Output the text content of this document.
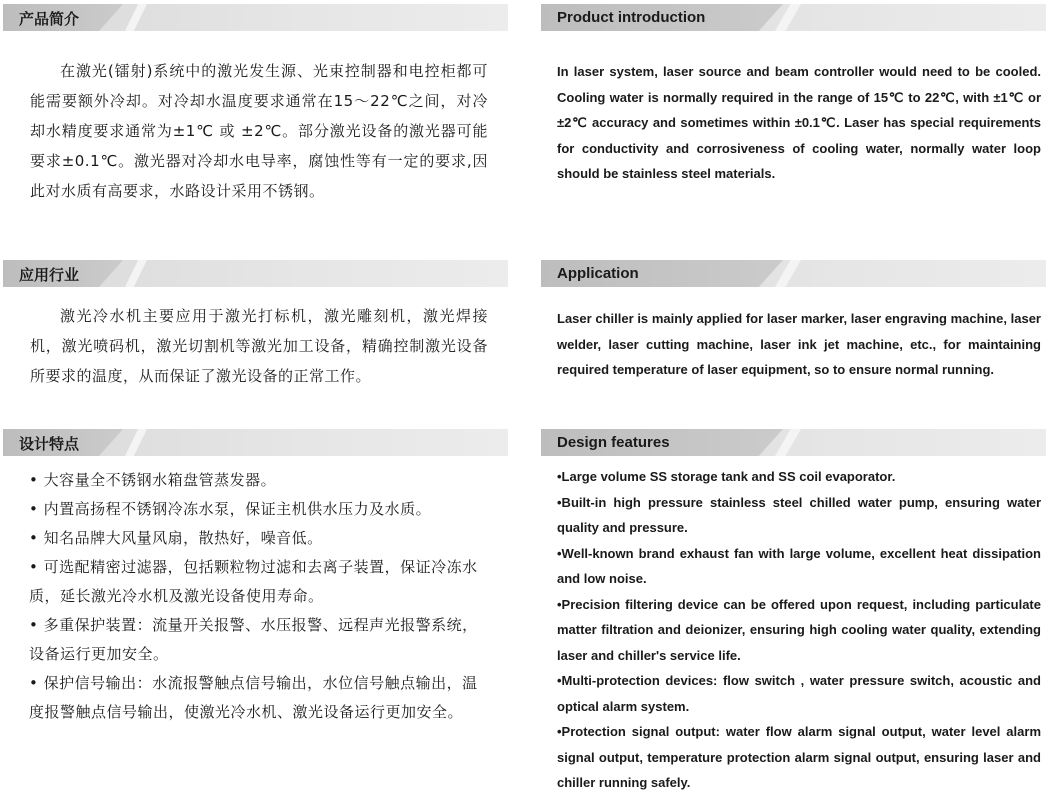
产品简介

在激光(镭射)系统中的激光发生源、光束控制器和电控柜都可能需要额外冷却。对冷却水温度要求通常在15～22℃之间，对冷却水精度要求通常为±1℃ 或 ±2℃。部分激光设备的激光器可能要求±0.1℃。激光器对冷却水电导率，腐蚀性等有一定的要求,因此对水质有高要求，水路设计采用不锈钢。

应用行业

激光冷水机主要应用于激光打标机，激光雕刻机，激光焊接机，激光喷码机，激光切割机等激光加工设备，精确控制激光设备所要求的温度，从而保证了激光设备的正常工作。

设计特点
• 大容量全不锈钢水箱盘管蒸发器。
• 内置高扬程不锈钢冷冻水泵，保证主机供水压力及水质。
• 知名品牌大风量风扇，散热好，噪音低。
• 可选配精密过滤器，包括颗粒物过滤和去离子装置，保证冷冻水质，延长激光冷水机及激光设备使用寿命。
• 多重保护装置：流量开关报警、水压报警、远程声光报警系统，设备运行更加安全。
• 保护信号输出：水流报警触点信号输出，水位信号触点输出，温度报警触点信号输出，使激光冷水机、激光设备运行更加安全。
Product introduction

In laser system, laser source and beam controller would need to be cooled. Cooling water is normally required in the range of 15℃ to 22℃, with ±1℃ or ±2℃ accuracy and sometimes within ±0.1℃. Laser has special requirements for conductivity and corrosiveness of cooling water, normally water loop should be stainless steel materials.

Application

Laser chiller is mainly applied for laser marker, laser engraving machine, laser welder, laser cutting machine, laser ink jet machine, etc., for maintaining required temperature of laser equipment, so to ensure normal running.

Design features
•Large volume SS storage tank and SS coil evaporator.
•Built-in high pressure stainless steel chilled water pump, ensuring water quality and pressure.
•Well-known brand exhaust fan with large volume, excellent heat dissipation and low noise.
•Precision filtering device can be offered upon request, including particulate matter filtration and deionizer, ensuring high cooling water quality, extending laser and chiller's service life.
•Multi-protection devices: flow switch , water pressure switch, acoustic and optical alarm system.
•Protection signal output: water flow alarm signal output, water level alarm signal output, temperature protection alarm signal output, ensuring laser and chiller running safely.
